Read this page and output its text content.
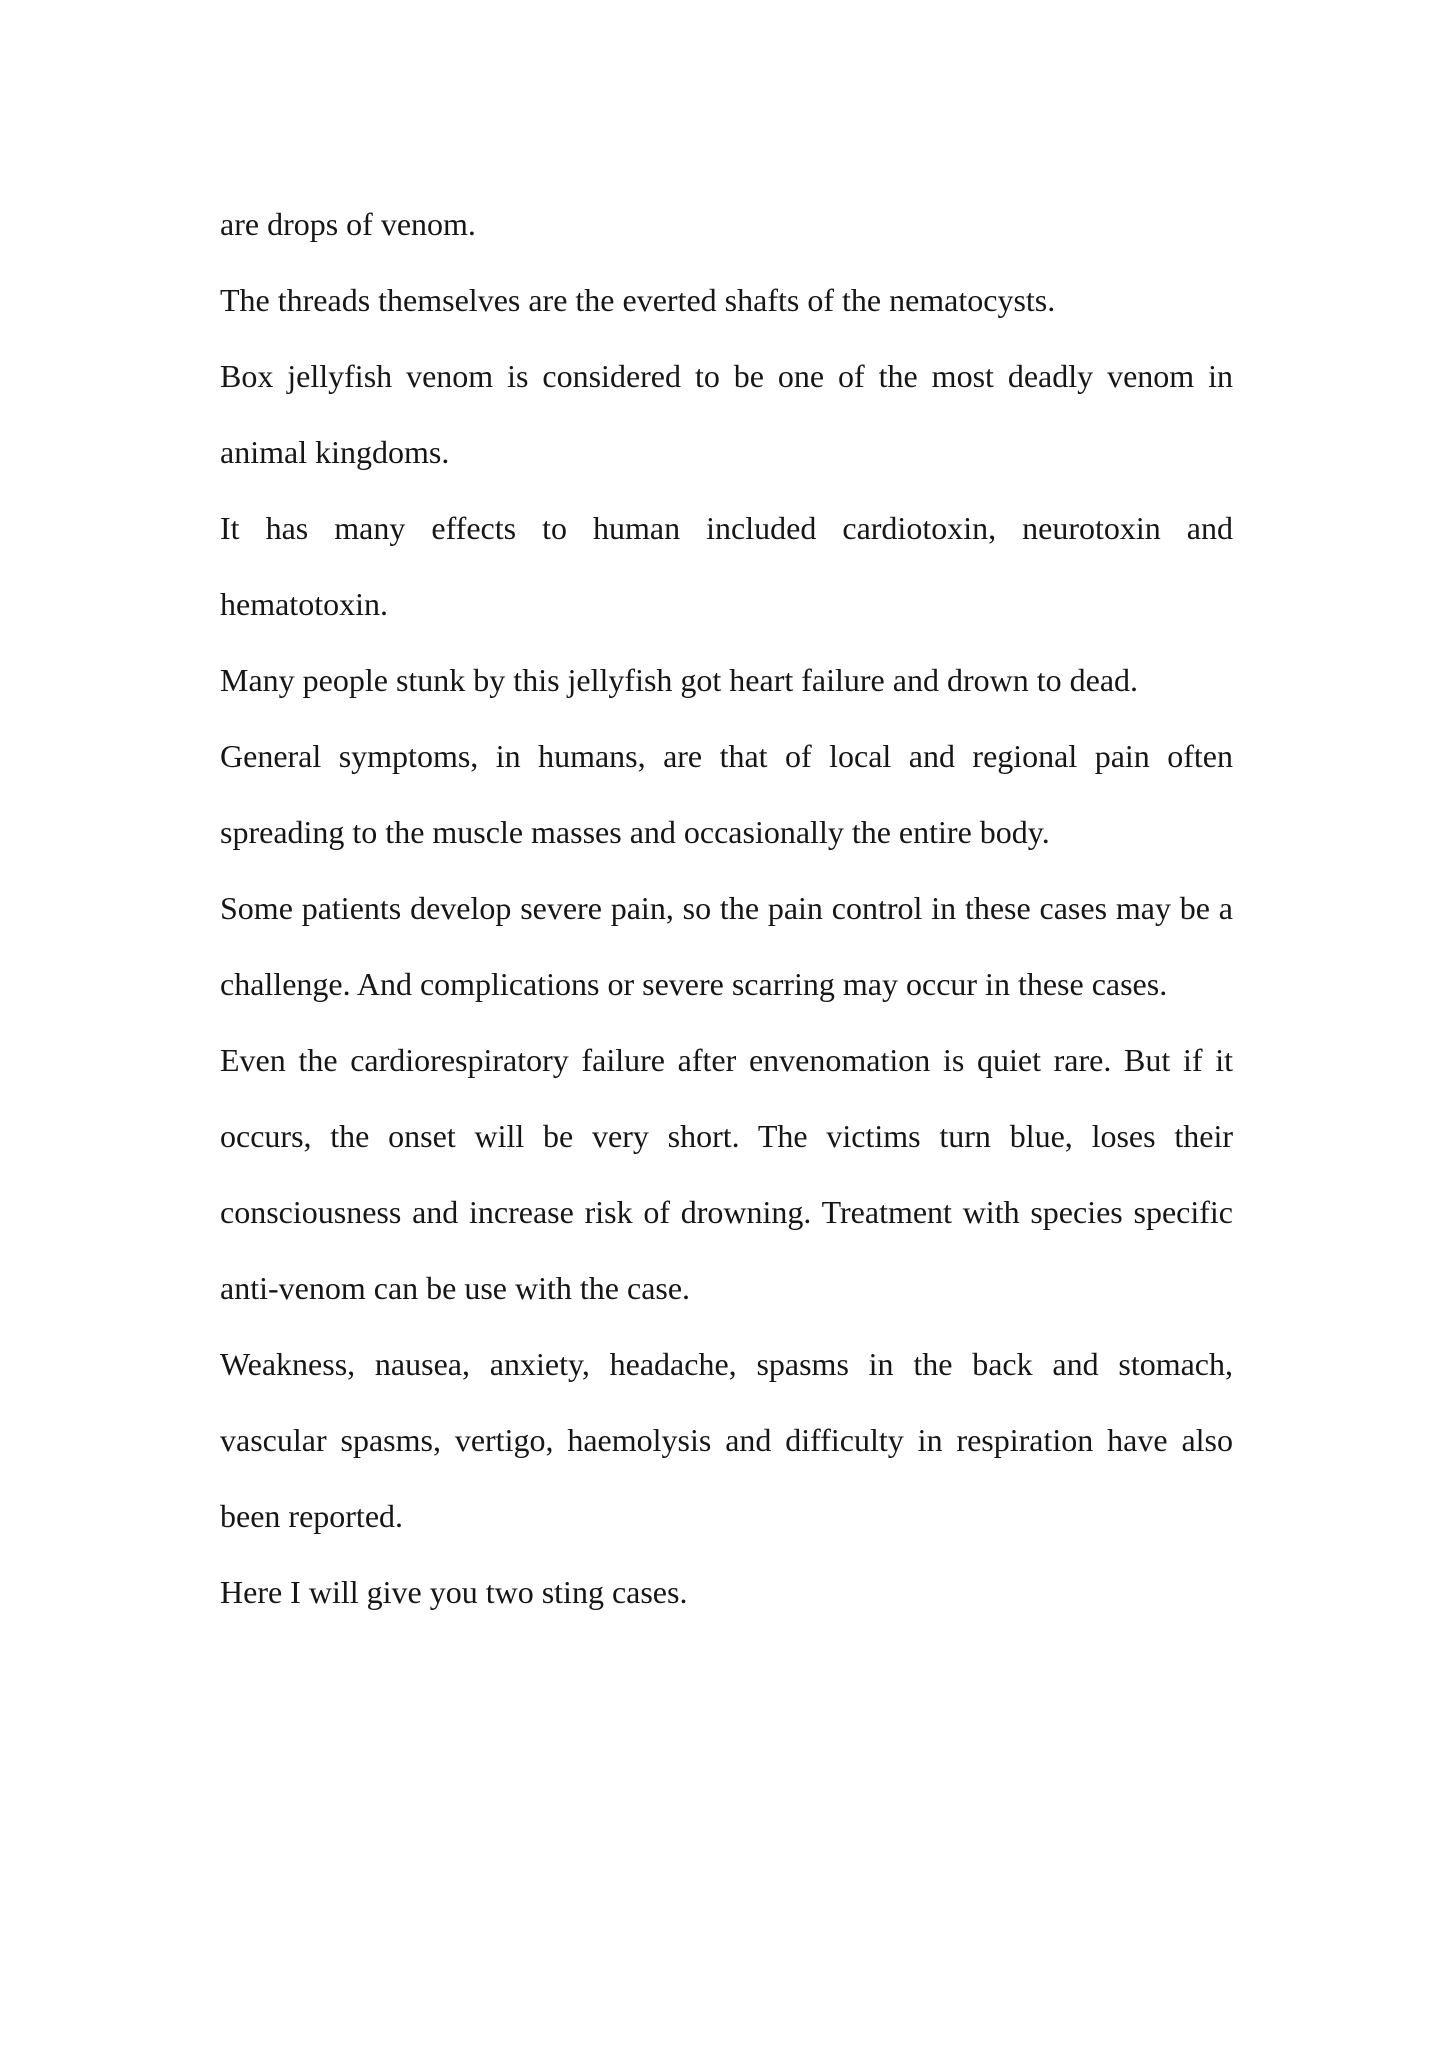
are drops of venom.

The threads themselves are the everted shafts of the nematocysts.

Box jellyfish venom is considered to be one of the most deadly venom in animal kingdoms.

It has many effects to human included cardiotoxin, neurotoxin and hematotoxin.

Many people stunk by this jellyfish got heart failure and drown to dead.

General symptoms, in humans, are that of local and regional pain often spreading to the muscle masses and occasionally the entire body.

Some patients develop severe pain, so the pain control in these cases may be a challenge. And complications or severe scarring may occur in these cases.

Even the cardiorespiratory failure after envenomation is quiet rare. But if it occurs, the onset will be very short. The victims turn blue, loses their consciousness and increase risk of drowning. Treatment with species specific anti-venom can be use with the case.

Weakness, nausea, anxiety, headache, spasms in the back and stomach, vascular spasms, vertigo, haemolysis and difficulty in respiration have also been reported.

Here I will give you two sting cases.
